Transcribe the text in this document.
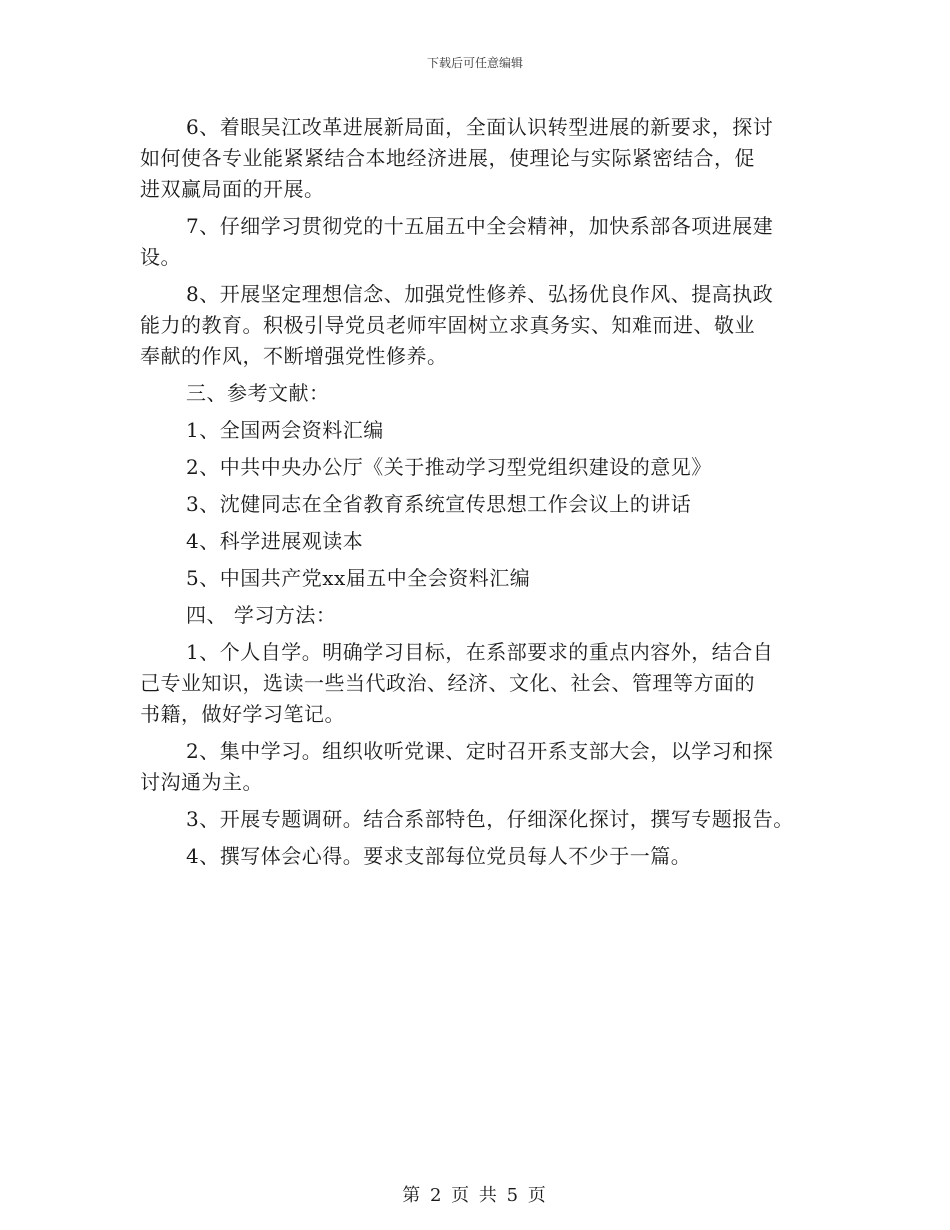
下载后可任意编辑
6、着眼吴江改革进展新局面，全面认识转型进展的新要求，探讨
如何使各专业能紧紧结合本地经济进展，使理论与实际紧密结合，促
进双赢局面的开展。
7、仔细学习贯彻党的十五届五中全会精神，加快系部各项进展建
设。
8、开展坚定理想信念、加强党性修养、弘扬优良作风、提高执政
能力的教育。积极引导党员老师牢固树立求真务实、知难而进、敬业
奉献的作风，不断增强党性修养。
三、参考文献：
1、全国两会资料汇编
2、中共中央办公厅《关于推动学习型党组织建设的意见》
3、沈健同志在全省教育系统宣传思想工作会议上的讲话
4、科学进展观读本
5、中国共产党xx届五中全会资料汇编
四、 学习方法：
1、个人自学。明确学习目标，在系部要求的重点内容外，结合自
己专业知识，选读一些当代政治、经济、文化、社会、管理等方面的
书籍，做好学习笔记。
2、集中学习。组织收听党课、定时召开系支部大会，以学习和探
讨沟通为主。
3、开展专题调研。结合系部特色，仔细深化探讨，撰写专题报告。
4、撰写体会心得。要求支部每位党员每人不少于一篇。
第 2 页 共 5 页
